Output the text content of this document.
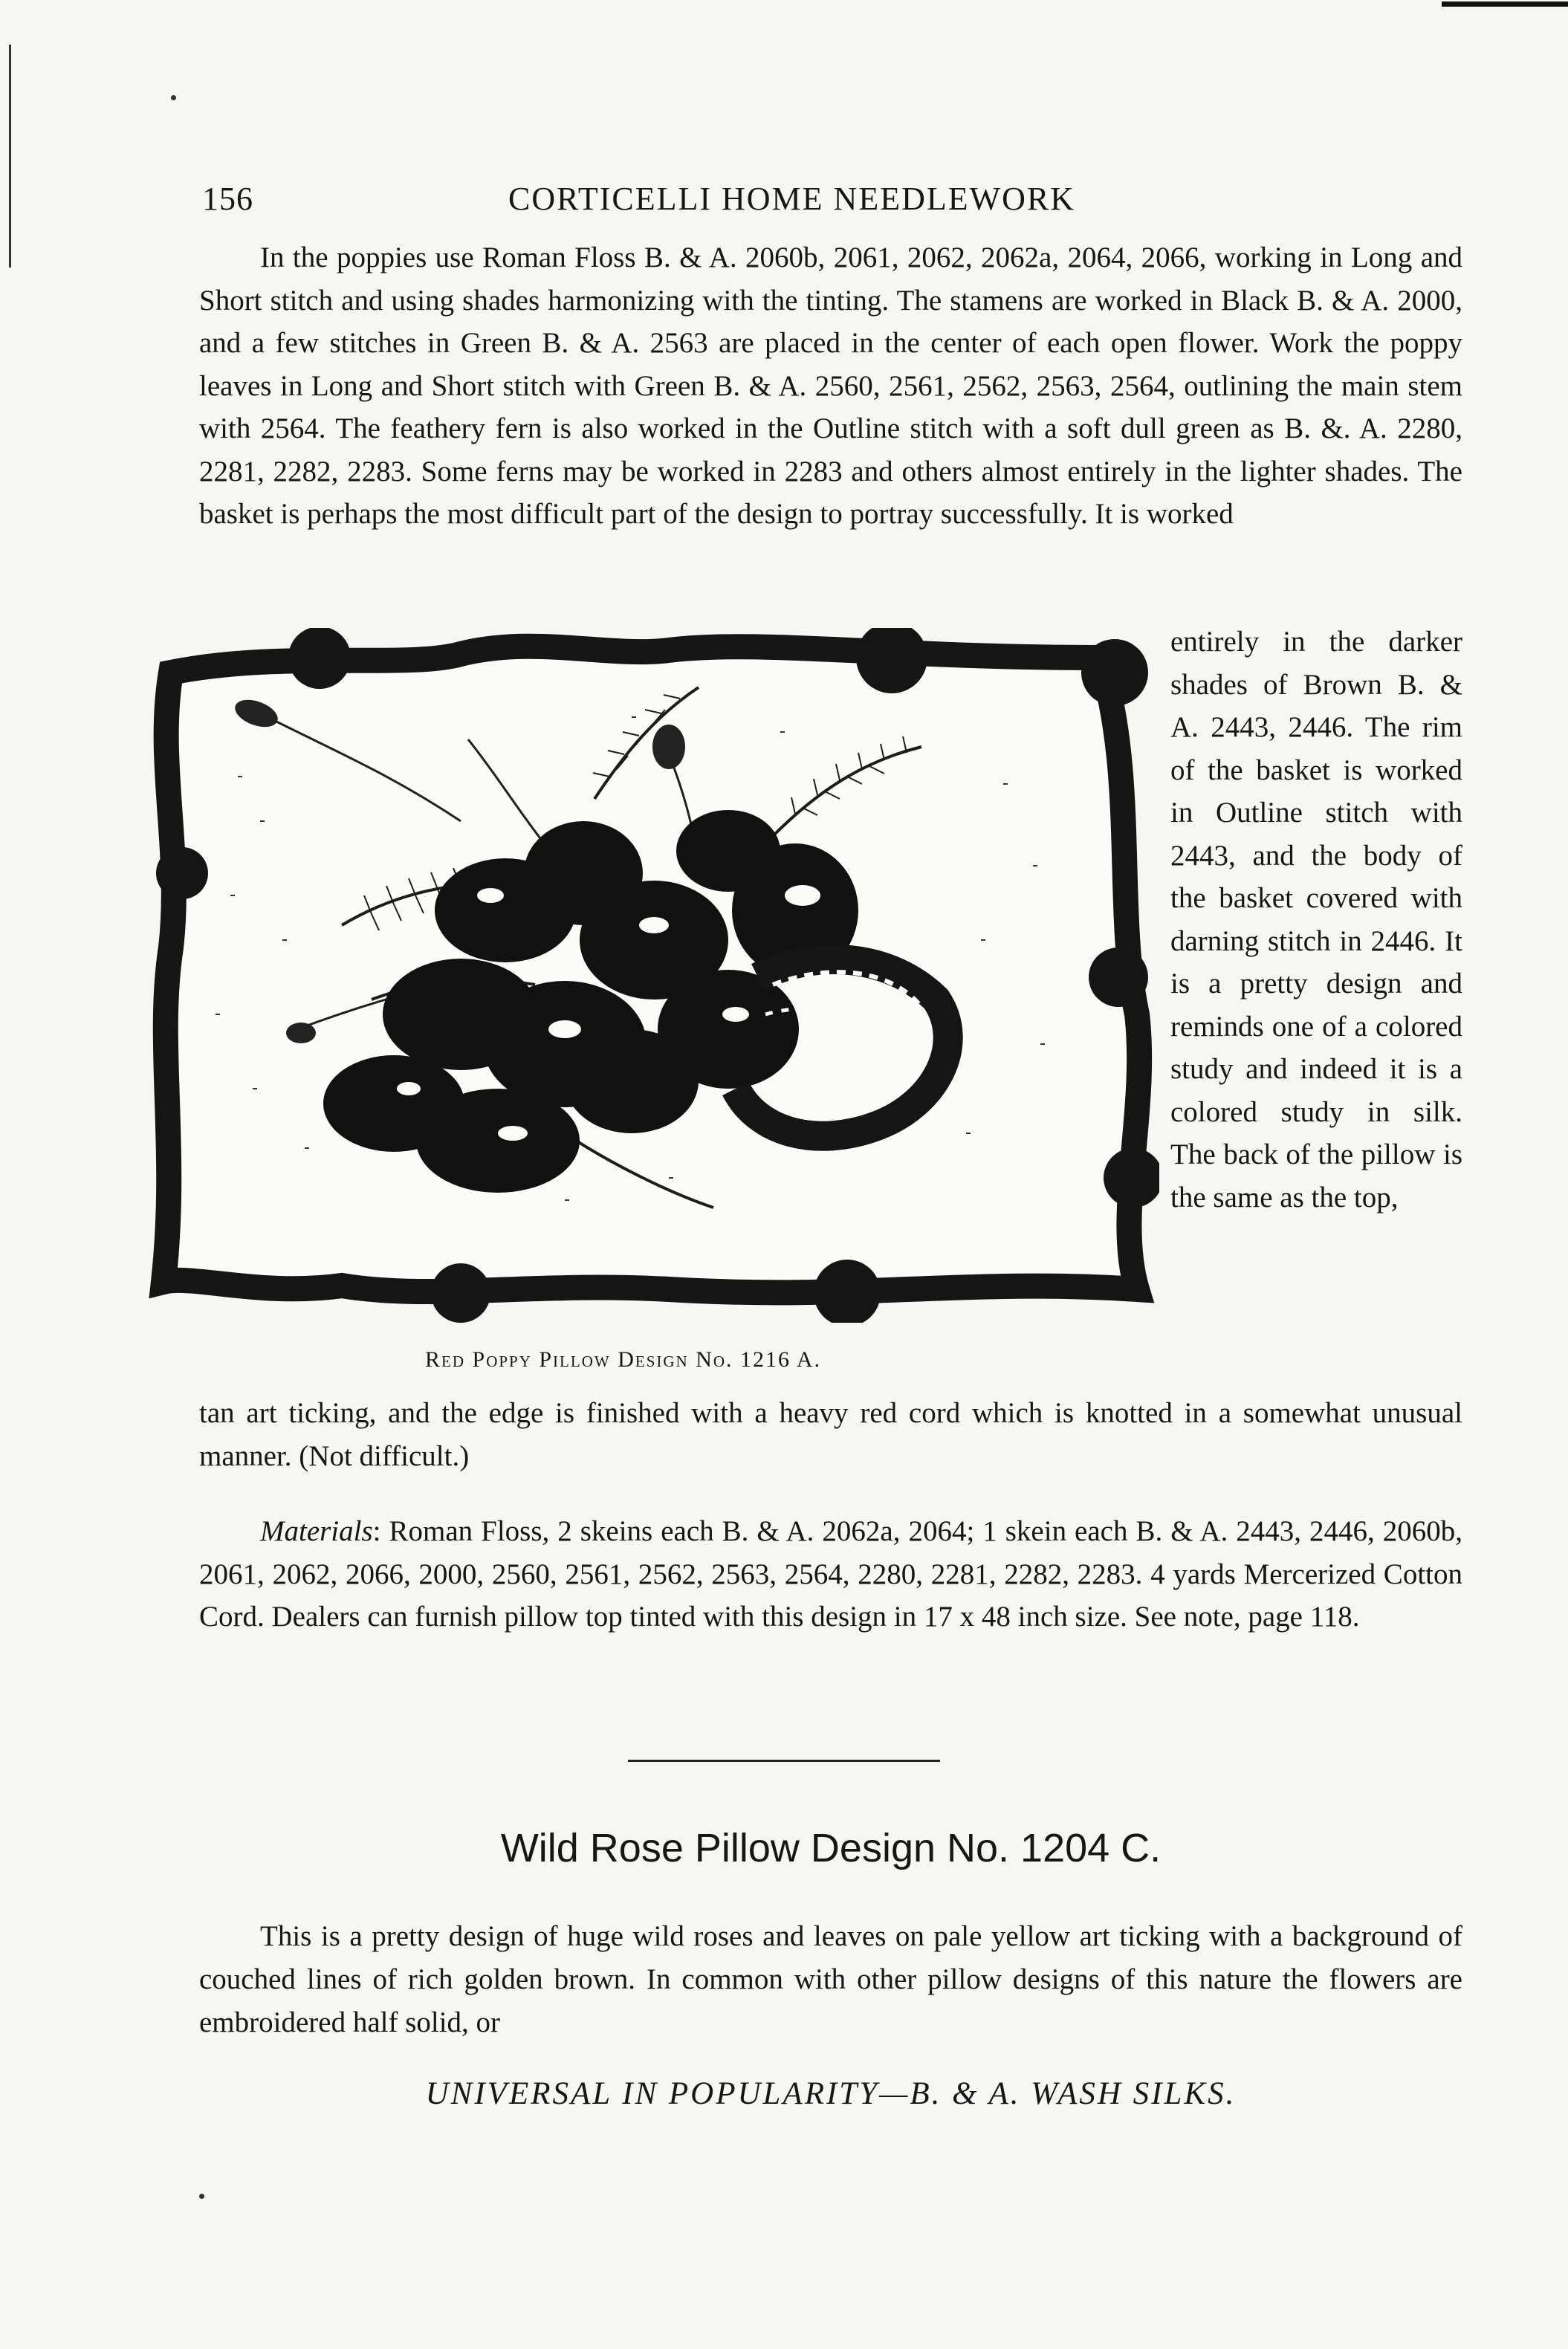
156	CORTICELLI HOME NEEDLEWORK
In the poppies use Roman Floss B. & A. 2060b, 2061, 2062, 2062a, 2064, 2066, working in Long and Short stitch and using shades harmonizing with the tinting. The stamens are worked in Black B. & A. 2000, and a few stitches in Green B. & A. 2563 are placed in the center of each open flower. Work the poppy leaves in Long and Short stitch with Green B. & A. 2560, 2561, 2562, 2563, 2564, outlining the main stem with 2564. The feathery fern is also worked in the Outline stitch with a soft dull green as B. &. A. 2280, 2281, 2282, 2283. Some ferns may be worked in 2283 and others almost entirely in the lighter shades. The basket is perhaps the most difficult part of the design to portray successfully. It is worked
entirely in the darker shades of Brown B. & A. 2443, 2446. The rim of the basket is worked in Outline stitch with 2443, and the body of the basket covered with darning stitch in 2446. It is a pretty design and reminds one of a colored study and indeed it is a colored study in silk. The back of the pillow is the same as the top,
Red Poppy Pillow Design No. 1216 A.
tan art ticking, and the edge is finished with a heavy red cord which is knotted in a somewhat unusual manner. (Not difficult.)
Materials: Roman Floss, 2 skeins each B. & A. 2062a, 2064; 1 skein each B. & A. 2443, 2446, 2060b, 2061, 2062, 2066, 2000, 2560, 2561, 2562, 2563, 2564, 2280, 2281, 2282, 2283. 4 yards Mercerized Cotton Cord. Dealers can furnish pillow top tinted with this design in 17 x 48 inch size. See note, page 118.
Wild Rose Pillow Design No. 1204 C.
This is a pretty design of huge wild roses and leaves on pale yellow art ticking with a background of couched lines of rich golden brown. In common with other pillow designs of this nature the flowers are embroidered half solid, or
UNIVERSAL IN POPULARITY—B. & A. WASH SILKS.
